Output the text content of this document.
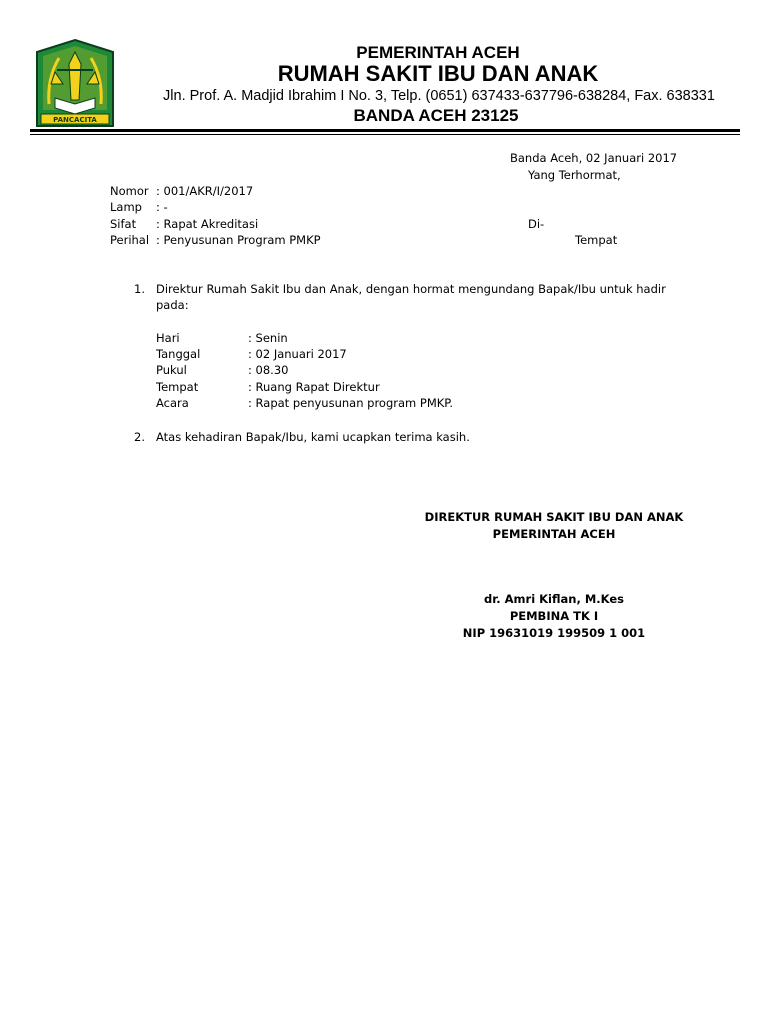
PANCACITA
PEMERINTAH ACEH
RUMAH SAKIT IBU DAN ANAK
Jln. Prof. A. Madjid Ibrahim I No. 3, Telp. (0651) 637433-637796-638284, Fax. 638331
BANDA ACEH 23125
Banda Aceh, 02 Januari 2017
Yang Terhormat,
Nomor : 001/AKR/I/2017
Lamp : -
Sifat : Rapat Akreditasi
Perihal : Penyusunan Program PMKP
Di-
Tempat
1. Direktur Rumah Sakit Ibu dan Anak, dengan hormat mengundang Bapak/Ibu untuk hadir
pada:
Hari	: Senin
Tanggal	: 02 Januari 2017
Pukul	: 08.30
Tempat	: Ruang Rapat Direktur
Acara	: Rapat penyusunan program PMKP.
2. Atas kehadiran Bapak/Ibu, kami ucapkan terima kasih.
DIREKTUR RUMAH SAKIT IBU DAN ANAK
PEMERINTAH ACEH
dr. Amri Kiflan, M.Kes
PEMBINA TK I
NIP 19631019 199509 1 001
